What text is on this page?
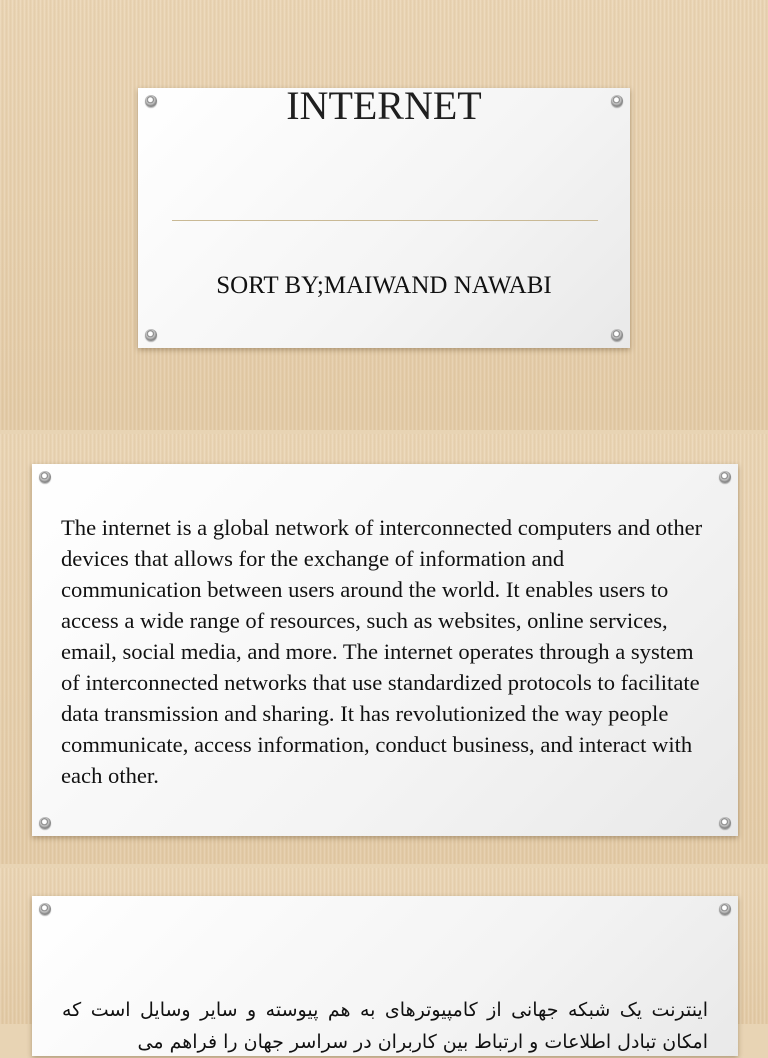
INTERNET
SORT BY;MAIWAND NAWABI

The internet is a global network of interconnected computers and other devices that allows for the exchange of information and communication between users around the world. It enables users to access a wide range of resources, such as websites, online services, email, social media, and more. The internet operates through a system of interconnected networks that use standardized protocols to facilitate data transmission and sharing. It has revolutionized the way people communicate, access information, conduct business, and interact with each other.

اینترنت یک شبکه جهانی از کامپیوترهای به هم پیوسته و سایر وسایل است که امکان تبادل اطلاعات و ارتباط بین کاربران در سراسر جهان را فراهم می
